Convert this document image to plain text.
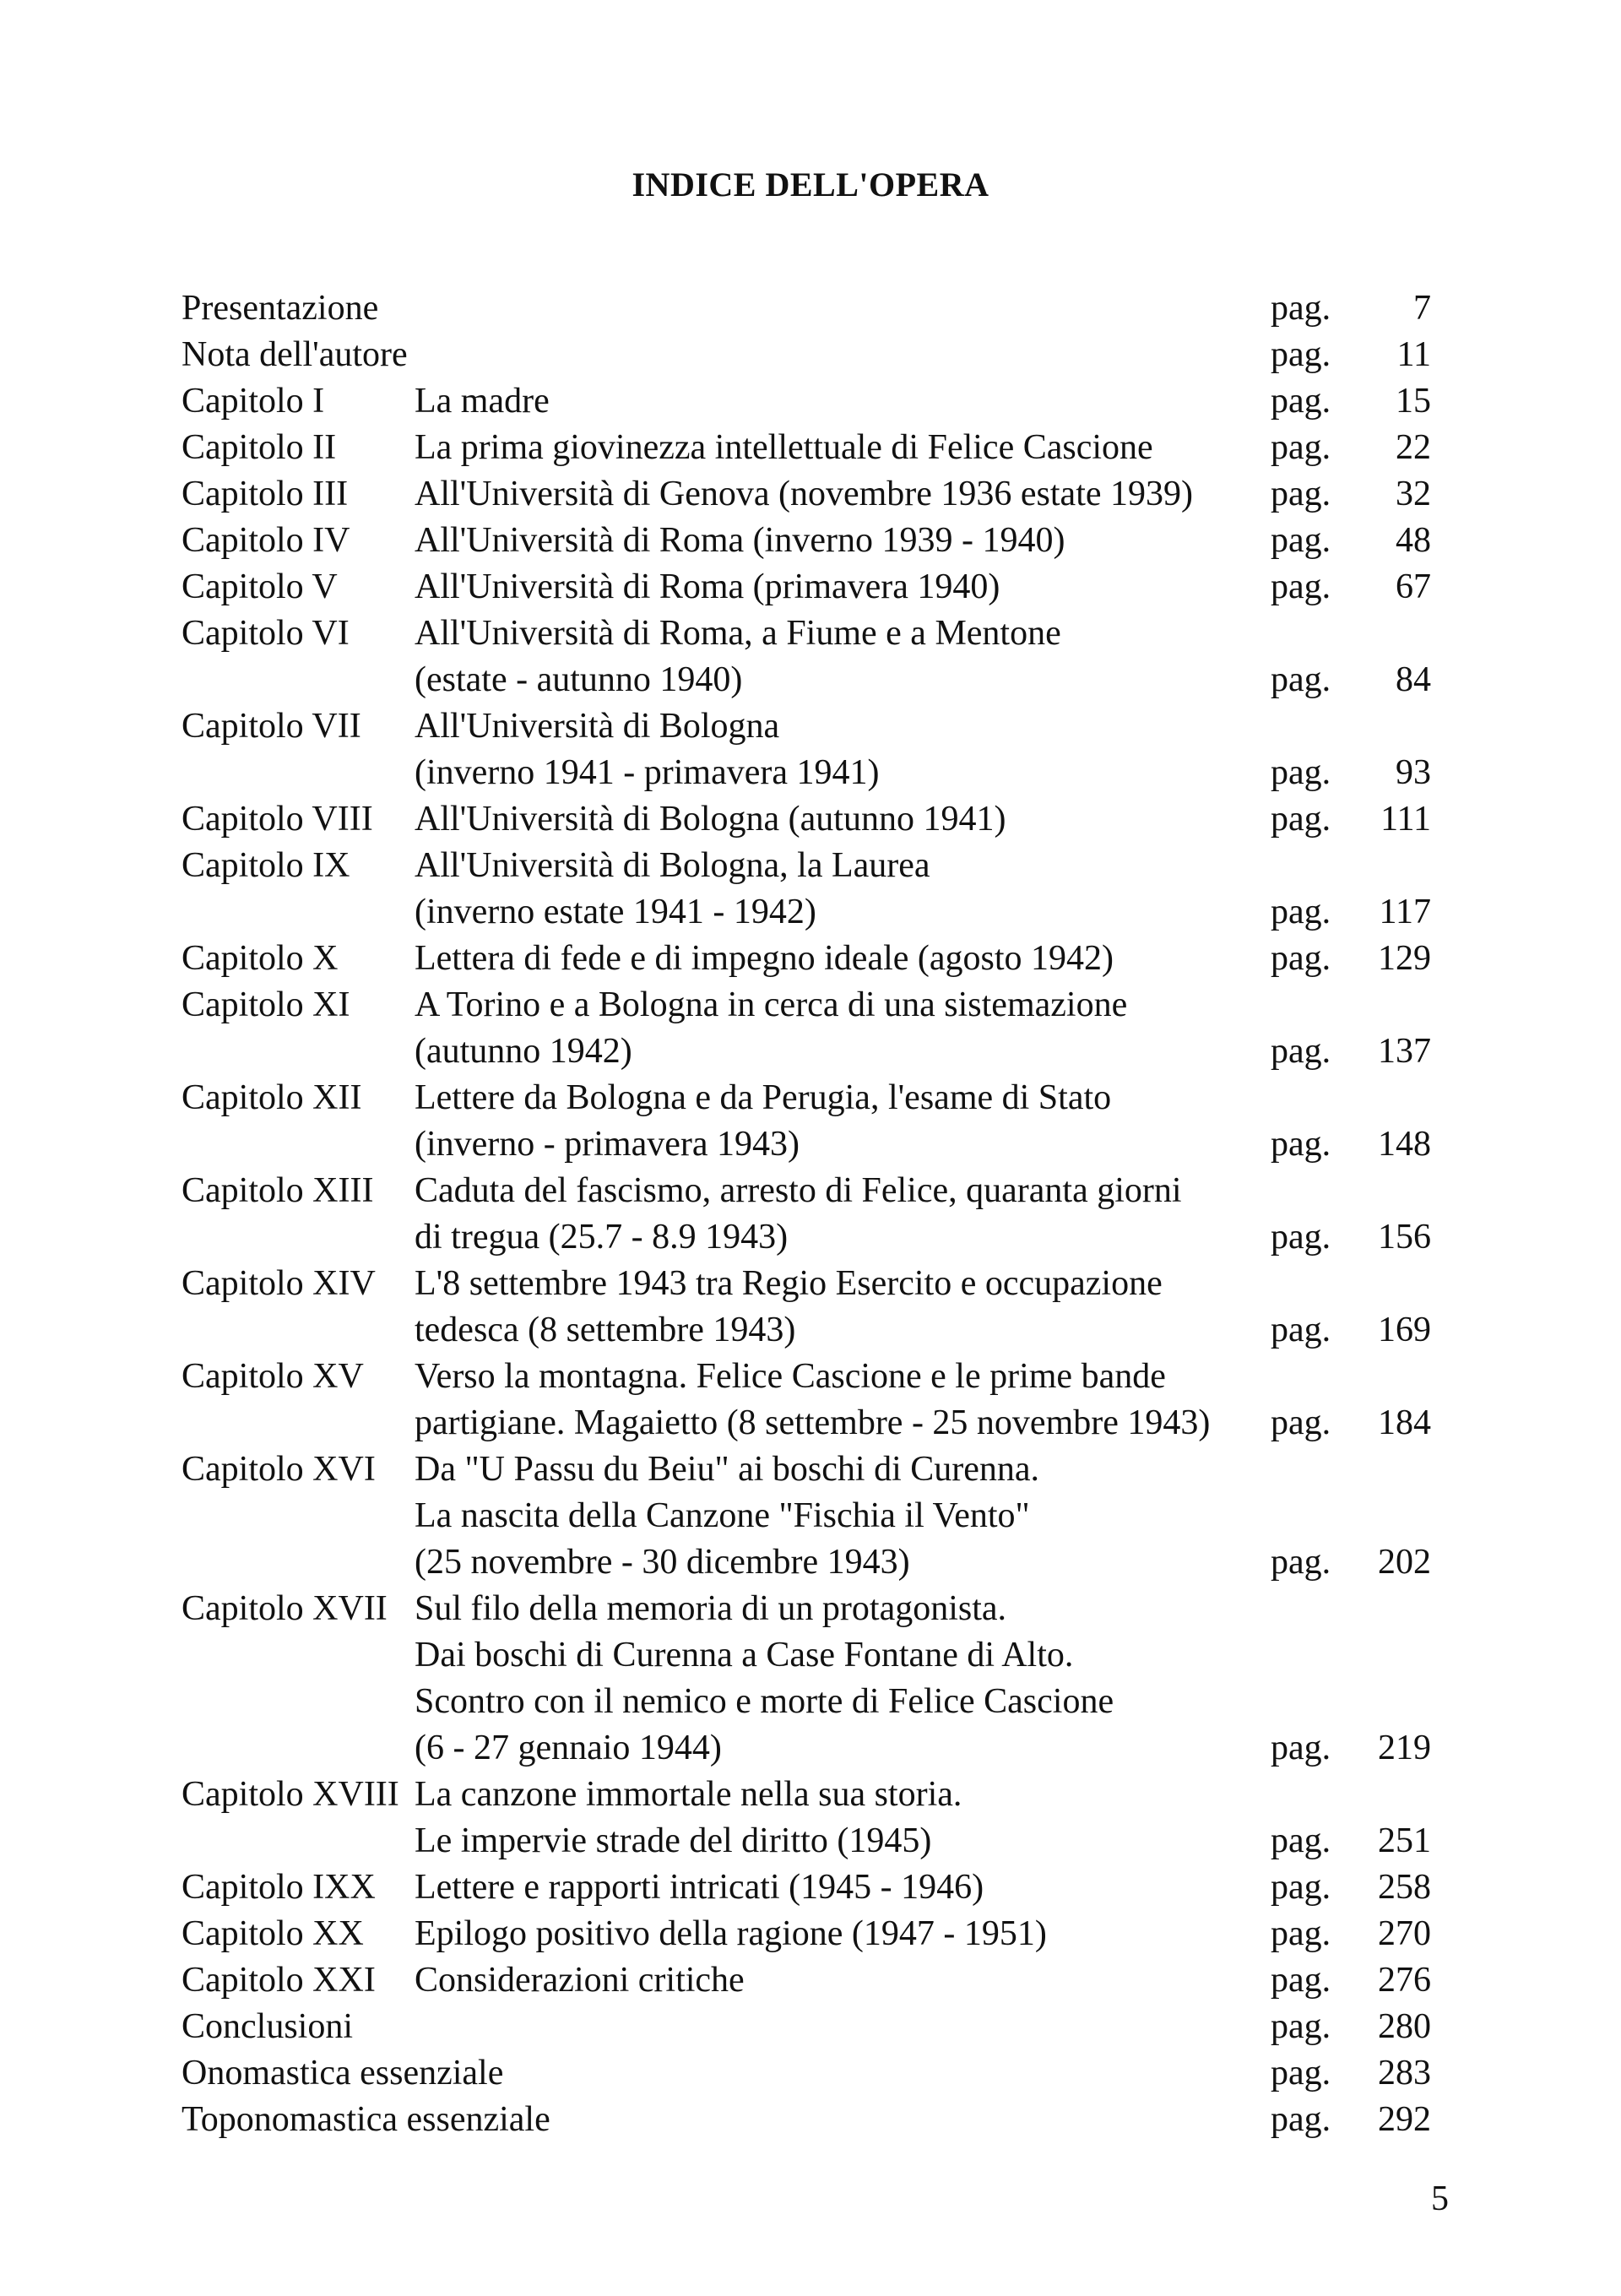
INDICE DELL'OPERA
Presentazione	pag.	7
Nota dell'autore	pag.	11
Capitolo I	La madre	pag.	15
Capitolo II	La prima giovinezza intellettuale di Felice Cascione	pag.	22
Capitolo III	All'Università di Genova (novembre 1936 estate 1939)	pag.	32
Capitolo IV	All'Università di Roma (inverno 1939 - 1940)	pag.	48
Capitolo V	All'Università di Roma (primavera 1940)	pag.	67
Capitolo VI	All'Università di Roma, a Fiume e a Mentone
(estate - autunno 1940)	pag.	84
Capitolo VII	All'Università di Bologna
(inverno 1941 - primavera 1941)	pag.	93
Capitolo VIII	All'Università di Bologna (autunno 1941)	pag.	111
Capitolo IX	All'Università di Bologna, la Laurea
(inverno estate 1941 - 1942)	pag.	117
Capitolo X	Lettera di fede e di impegno ideale (agosto 1942)	pag.	129
Capitolo XI	A Torino e a Bologna in cerca di una sistemazione
(autunno 1942)	pag.	137
Capitolo XII	Lettere da Bologna e da Perugia, l'esame di Stato
(inverno - primavera 1943)	pag.	148
Capitolo XIII	Caduta del fascismo, arresto di Felice, quaranta giorni
di tregua (25.7 - 8.9 1943)	pag.	156
Capitolo XIV	L'8 settembre 1943 tra Regio Esercito e occupazione
tedesca (8 settembre 1943)	pag.	169
Capitolo XV	Verso la montagna. Felice Cascione e le prime bande
partigiane. Magaietto (8 settembre - 25 novembre 1943)	pag.	184
Capitolo XVI	Da "U Passu du Beiu" ai boschi di Curenna.
La nascita della Canzone "Fischia il Vento"
(25 novembre - 30 dicembre 1943)	pag.	202
Capitolo XVII Sul filo della memoria di un protagonista.
Dai boschi di Curenna a Case Fontane di Alto.
Scontro con il nemico e morte di Felice Cascione
(6 - 27 gennaio 1944)	pag.	219
Capitolo XVIII La canzone immortale nella sua storia.
Le impervie strade del diritto (1945)	pag.	251
Capitolo IXX	Lettere e rapporti intricati (1945 - 1946)	pag.	258
Capitolo XX	Epilogo positivo della ragione (1947 - 1951)	pag.	270
Capitolo XXI	Considerazioni critiche	pag.	276
Conclusioni	pag.	280
Onomastica essenziale	pag.	283
Toponomastica essenziale	pag.	292
5
